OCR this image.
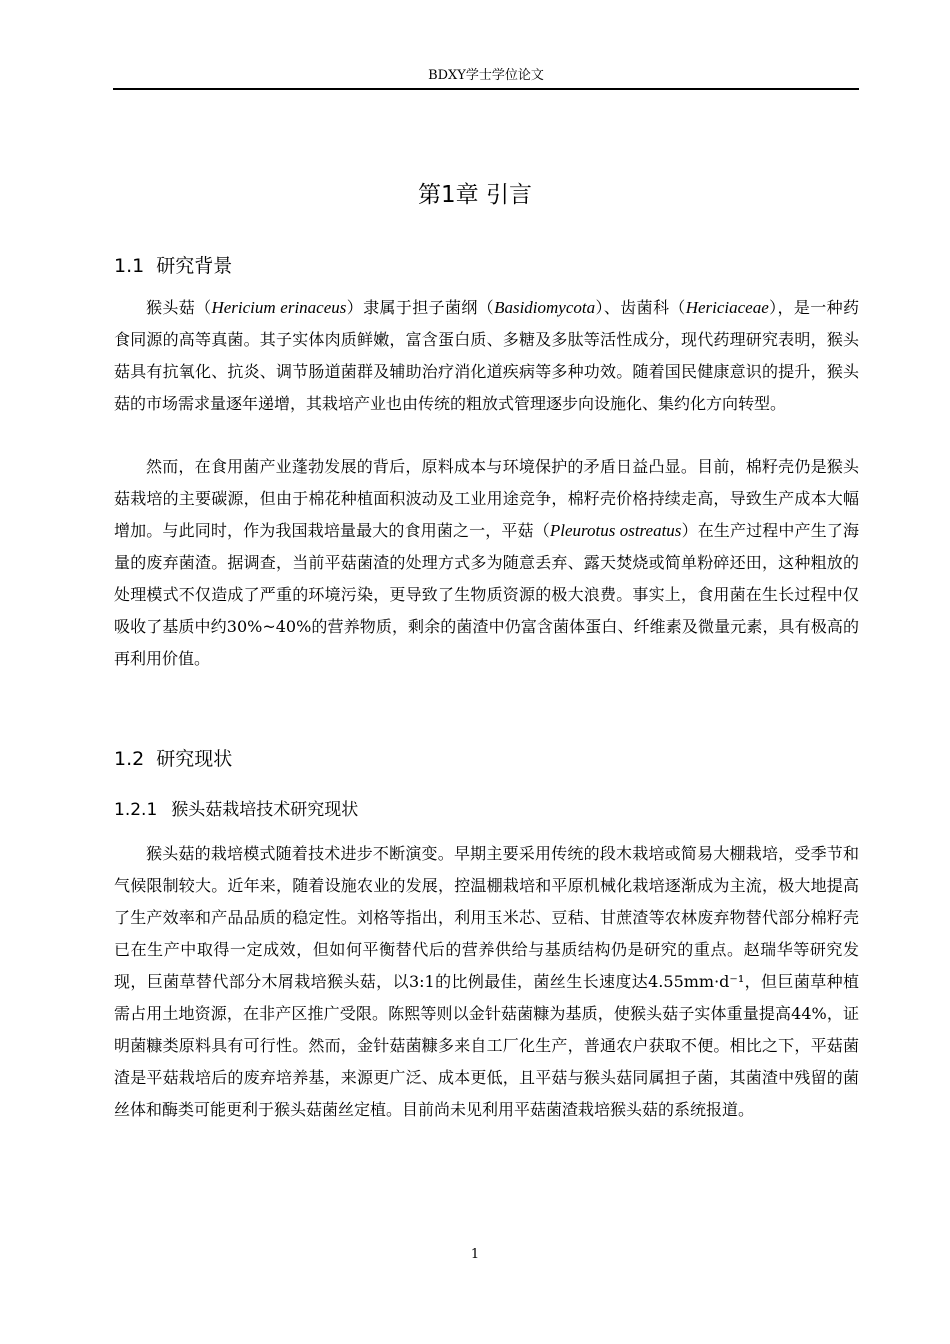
BDXY学士学位论文
第1章 引言
1.1 研究背景

猴头菇（Hericium erinaceus）隶属于担子菌纲（Basidiomycota）、齿菌科（Hericiaceae），是一种药食同源的高等真菌。其子实体肉质鲜嫩，富含蛋白质、多糖及多肽等活性成分，现代药理研究表明，猴头菇具有抗氧化、抗炎、调节肠道菌群及辅助治疗消化道疾病等多种功效。随着国民健康意识的提升，猴头菇的市场需求量逐年递增，其栽培产业也由传统的粗放式管理逐步向设施化、集约化方向转型。

然而，在食用菌产业蓬勃发展的背后，原料成本与环境保护的矛盾日益凸显。目前，棉籽壳仍是猴头菇栽培的主要碳源，但由于棉花种植面积波动及工业用途竞争，棉籽壳价格持续走高，导致生产成本大幅增加。与此同时，作为我国栽培量最大的食用菌之一，平菇（Pleurotus ostreatus）在生产过程中产生了海量的废弃菌渣。据调查，当前平菇菌渣的处理方式多为随意丢弃、露天焚烧或简单粉碎还田，这种粗放的处理模式不仅造成了严重的环境污染，更导致了生物质资源的极大浪费。事实上，食用菌在生长过程中仅吸收了基质中约30%~40%的营养物质，剩余的菌渣中仍富含菌体蛋白、纤维素及微量元素，具有极高的再利用价值。

1.2 研究现状
1.2.1 猴头菇栽培技术研究现状

猴头菇的栽培模式随着技术进步不断演变。早期主要采用传统的段木栽培或简易大棚栽培，受季节和气候限制较大。近年来，随着设施农业的发展，控温棚栽培和平原机械化栽培逐渐成为主流，极大地提高了生产效率和产品品质的稳定性。刘格等指出，利用玉米芯、豆秸、甘蔗渣等农林废弃物替代部分棉籽壳已在生产中取得一定成效，但如何平衡替代后的营养供给与基质结构仍是研究的重点。赵瑞华等研究发现，巨菌草替代部分木屑栽培猴头菇，以3:1的比例最佳，菌丝生长速度达4.55mm·d⁻¹，但巨菌草种植需占用土地资源，在非产区推广受限。陈熙等则以金针菇菌糠为基质，使猴头菇子实体重量提高44%，证明菌糠类原料具有可行性。然而，金针菇菌糠多来自工厂化生产，普通农户获取不便。相比之下，平菇菌渣是平菇栽培后的废弃培养基，来源更广泛、成本更低，且平菇与猴头菇同属担子菌，其菌渣中残留的菌丝体和酶类可能更利于猴头菇菌丝定植。目前尚未见利用平菇菌渣栽培猴头菇的系统报道。

1
